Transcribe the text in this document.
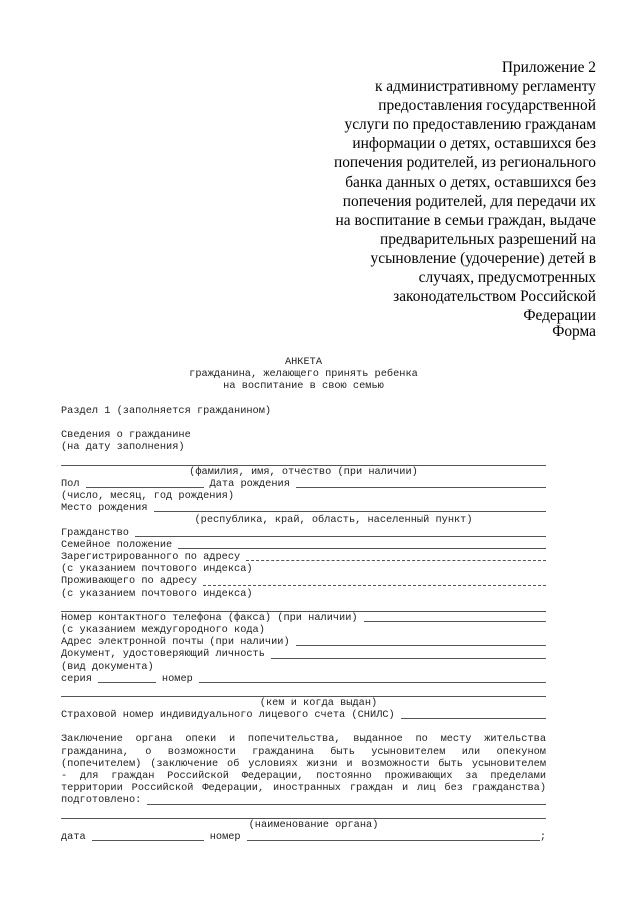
Приложение 2
к административному регламенту
предоставления государственной
услуги по предоставлению гражданам
информации о детях, оставшихся без
попечения родителей, из регионального
банка данных о детях, оставшихся без
попечения родителей, для передачи их
на воспитание в семьи граждан, выдаче
предварительных разрешений на
усыновление (удочерение) детей в
случаях, предусмотренных
законодательством Российской
Федерации
Форма
АНКЕТА
гражданина, желающего принять ребенка
на воспитание в свою семью
Раздел 1 (заполняется гражданином)
Сведения о гражданине
(на дату заполнения)
(фамилия, имя, отчество (при наличии)
Пол	Дата рождения
(число, месяц, год рождения)
Место рождения
(республика, край, область, населенный пункт)
Гражданство
Семейное положение
Зарегистрированного по адресу
(с указанием почтового индекса)
Проживающего по адресу
(с указанием почтового индекса)
Номер контактного телефона (факса) (при наличии)
(с указанием междугородного кода)
Адрес электронной почты (при наличии)
Документ, удостоверяющий личность
(вид документа)
серия	номер
(кем и когда выдан)
Страховой номер индивидуального лицевого счета (СНИЛС)
Заключение органа опеки и попечительства, выданное по месту жительства
гражданина, о возможности гражданина быть усыновителем или опекуном
(попечителем) (заключение об условиях жизни и возможности быть усыновителем
- для граждан Российской Федерации, постоянно проживающих за пределами
территории Российской Федерации, иностранных граждан и лиц без гражданства)
подготовлено:
(наименование органа)
дата	номер	;
